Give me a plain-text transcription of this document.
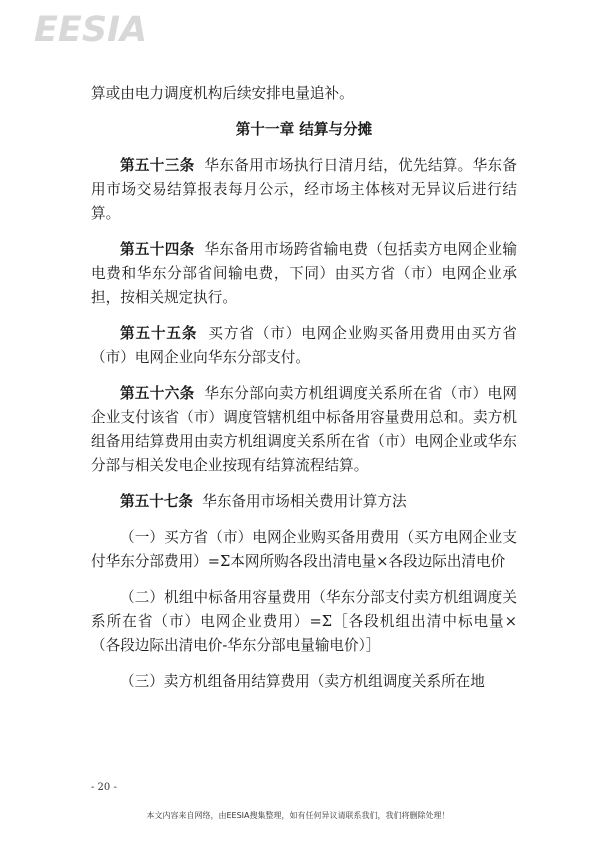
EESIA

算或由电力调度机构后续安排电量追补。

第十一章 结算与分摊

第五十三条 华东备用市场执行日清月结，优先结算。华东备用市场交易结算报表每月公示，经市场主体核对无异议后进行结算。

第五十四条 华东备用市场跨省输电费（包括卖方电网企业输电费和华东分部省间输电费，下同）由买方省（市）电网企业承担，按相关规定执行。

第五十五条 买方省（市）电网企业购买备用费用由买方省（市）电网企业向华东分部支付。

第五十六条 华东分部向卖方机组调度关系所在省（市）电网企业支付该省（市）调度管辖机组中标备用容量费用总和。卖方机组备用结算费用由卖方机组调度关系所在省（市）电网企业或华东分部与相关发电企业按现有结算流程结算。

第五十七条 华东备用市场相关费用计算方法

（一）买方省（市）电网企业购买备用费用（买方电网企业支付华东分部费用）=Σ本网所购各段出清电量×各段边际出清电价

（二）机组中标备用容量费用（华东分部支付卖方机组调度关系所在省（市）电网企业费用）=Σ［各段机组出清中标电量×（各段边际出清电价-华东分部电量输电价）］

（三）卖方机组备用结算费用（卖方机组调度关系所在地

- 20 -
本文内容来自网络，由EESIA搜集整理，如有任何异议请联系我们，我们将删除处理！
